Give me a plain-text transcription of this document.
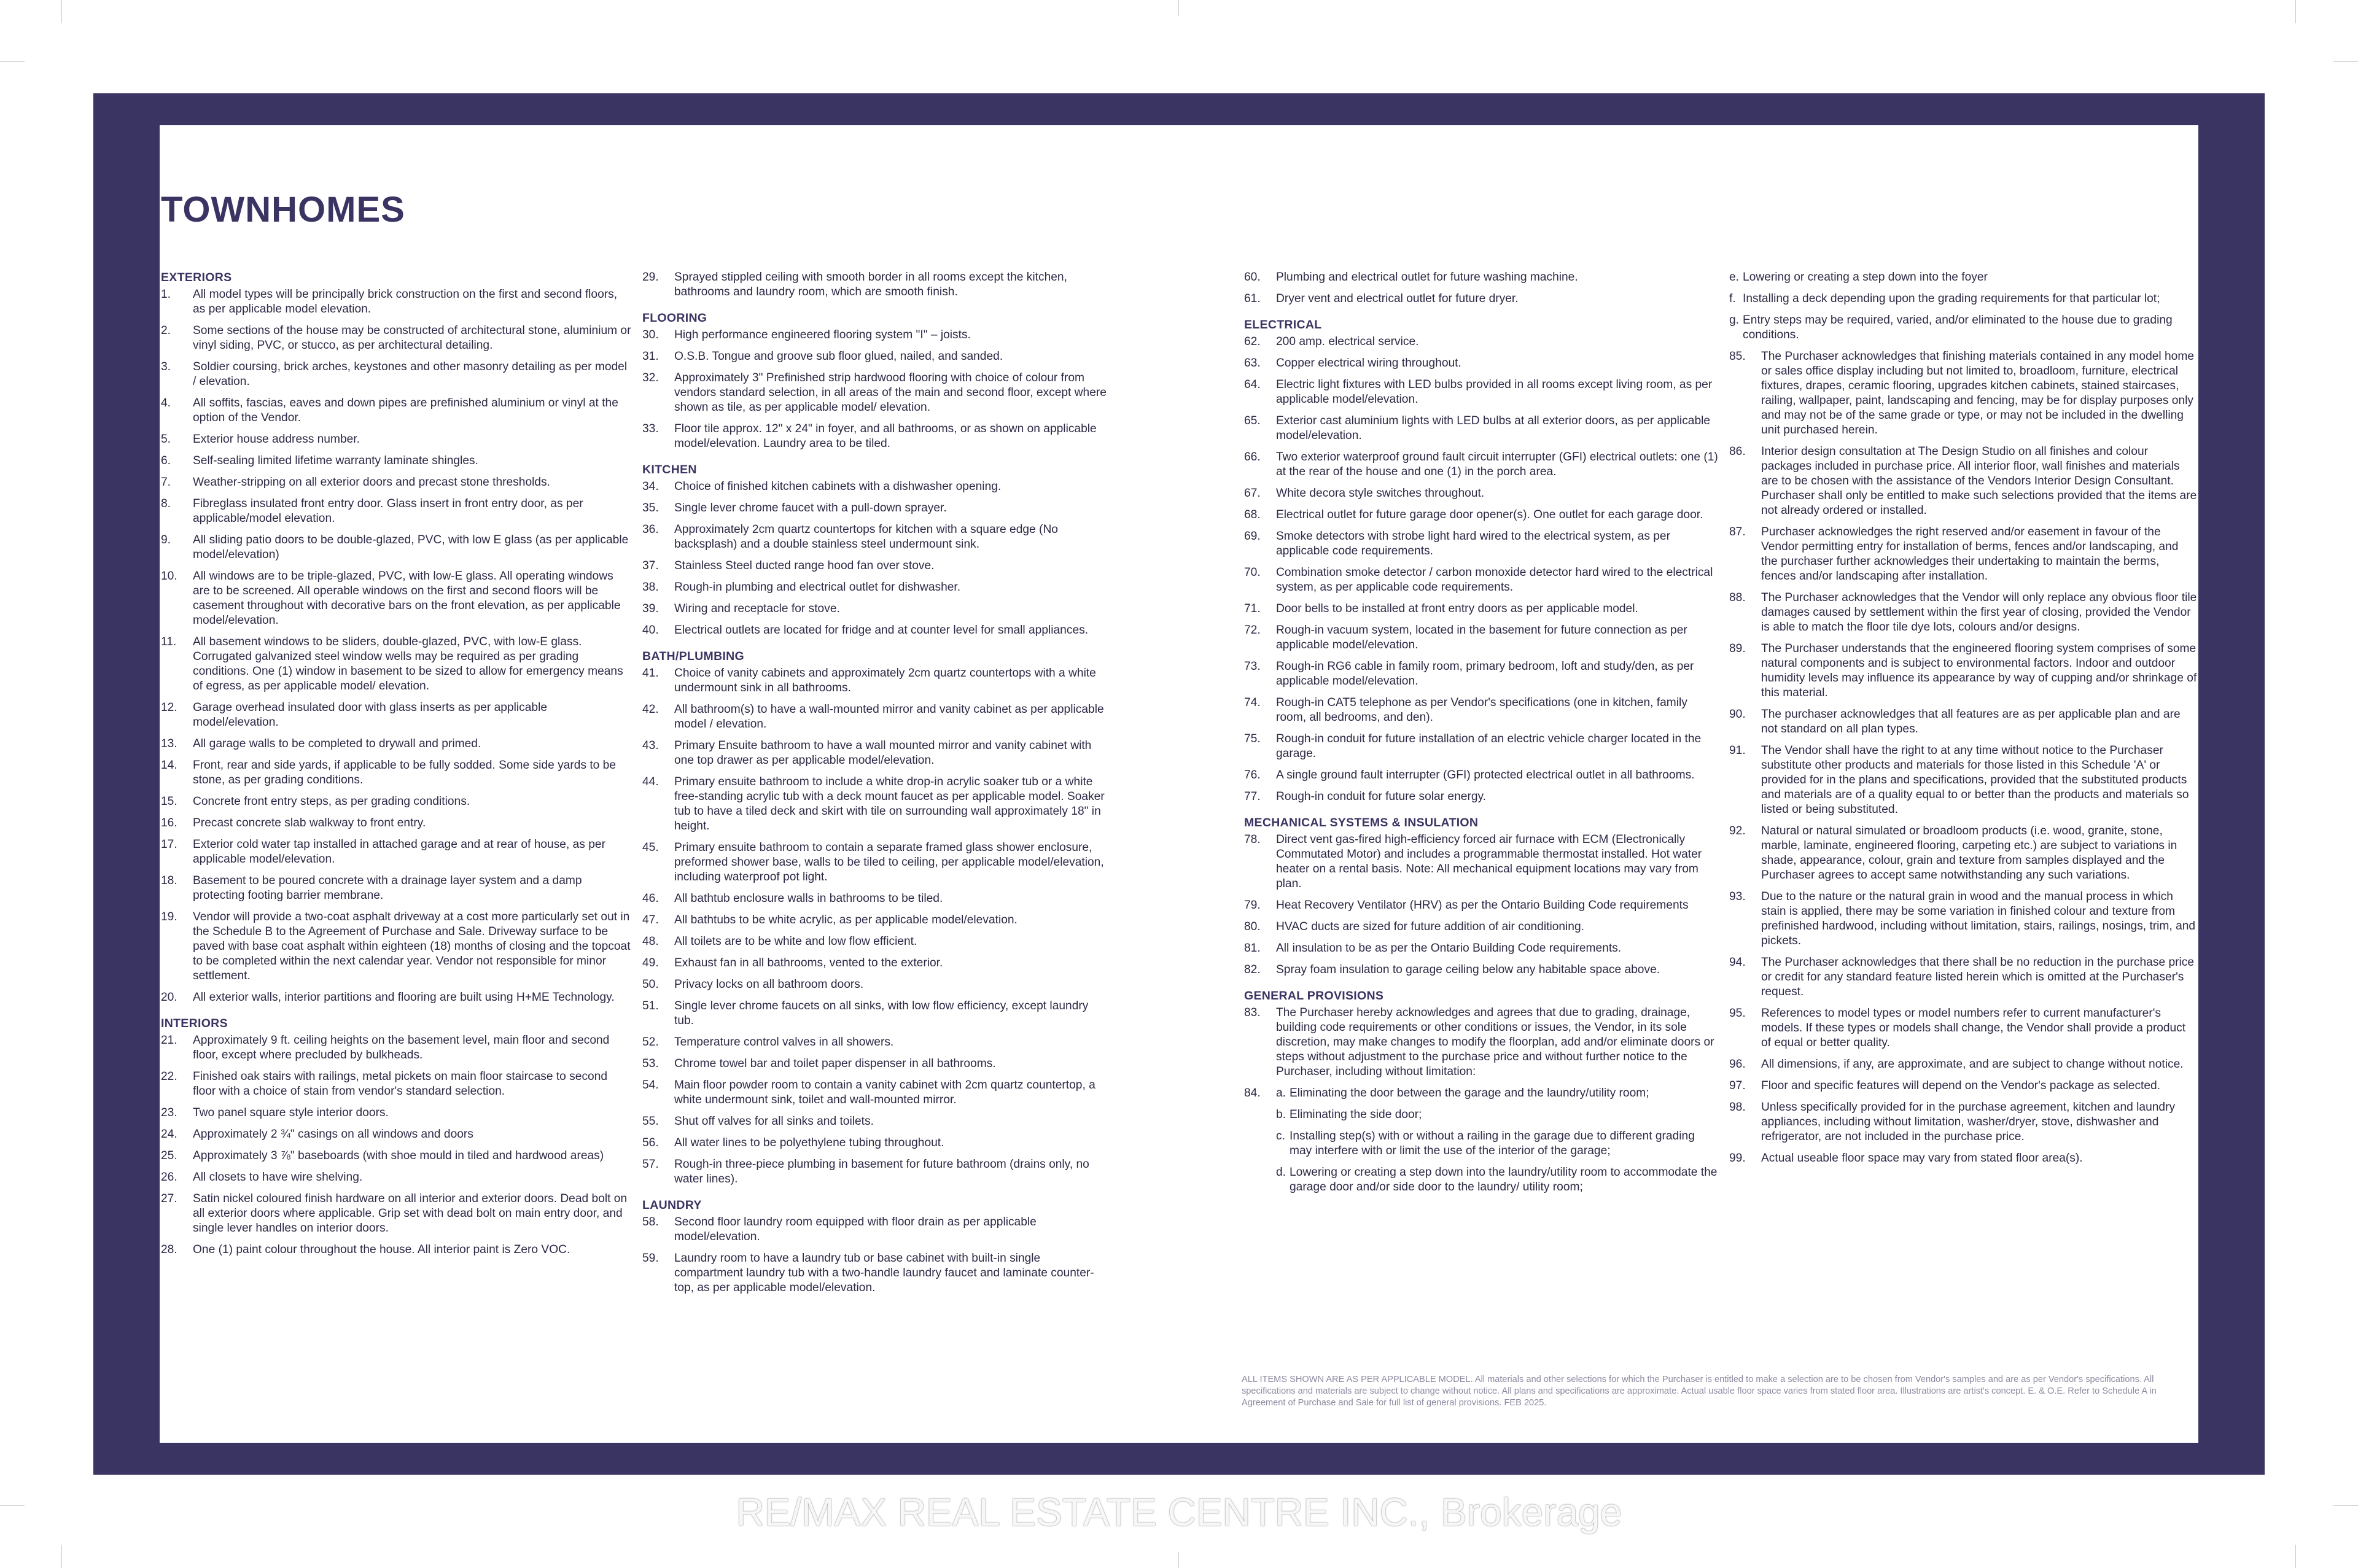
TOWNHOMES
EXTERIORS
1.	All model types will be principally brick construction on the first and second floors, as per applicable model elevation.
2.	Some sections of the house may be constructed of architectural stone, aluminium or vinyl siding, PVC, or stucco, as per architectural detailing.
3.	Soldier coursing, brick arches, keystones and other masonry detailing as per model / elevation.
4.	All soffits, fascias, eaves and down pipes are prefinished aluminium or vinyl at the option of the Vendor.
5.	Exterior house address number.
6.	Self-sealing limited lifetime warranty laminate shingles.
7.	Weather-stripping on all exterior doors and precast stone thresholds.
8.	Fibreglass insulated front entry door. Glass insert in front entry door, as per applicable/model elevation.
9.	All sliding patio doors to be double-glazed, PVC, with low E glass (as per applicable model/elevation)
10.	All windows are to be triple-glazed, PVC, with low-E glass. All operating windows are to be screened. All operable windows on the first and second floors will be casement throughout with decorative bars on the front elevation, as per applicable model/elevation.
11.	All basement windows to be sliders, double-glazed, PVC, with low-E glass. Corrugated galvanized steel window wells may be required as per grading conditions. One (1) window in basement to be sized to allow for emergency means of egress, as per applicable model/ elevation.
12.	Garage overhead insulated door with glass inserts as per applicable model/elevation.
13.	All garage walls to be completed to drywall and primed.
14.	Front, rear and side yards, if applicable to be fully sodded. Some side yards to be stone, as per grading conditions.
15.	Concrete front entry steps, as per grading conditions.
16.	Precast concrete slab walkway to front entry.
17.	Exterior cold water tap installed in attached garage and at rear of house, as per applicable model/elevation.
18.	Basement to be poured concrete with a drainage layer system and a damp protecting footing barrier membrane.
19.	Vendor will provide a two-coat asphalt driveway at a cost more particularly set out in the Schedule B to the Agreement of Purchase and Sale. Driveway surface to be paved with base coat asphalt within eighteen (18) months of closing and the topcoat to be completed within the next calendar year. Vendor not responsible for minor settlement.
20.	All exterior walls, interior partitions and flooring are built using H+ME Technology.
INTERIORS
21.	Approximately 9 ft. ceiling heights on the basement level, main floor and second floor, except where precluded by bulkheads.
22.	Finished oak stairs with railings, metal pickets on main floor staircase to second floor with a choice of stain from vendor's standard selection.
23.	Two panel square style interior doors.
24.	Approximately 2 ¾" casings on all windows and doors
25.	Approximately 3 ⅞" baseboards (with shoe mould in tiled and hardwood areas)
26.	All closets to have wire shelving.
27.	Satin nickel coloured finish hardware on all interior and exterior doors. Dead bolt on all exterior doors where applicable. Grip set with dead bolt on main entry door, and single lever handles on interior doors.
28.	One (1) paint colour throughout the house. All interior paint is Zero VOC.
29.	Sprayed stippled ceiling with smooth border in all rooms except the kitchen, bathrooms and laundry room, which are smooth finish.
FLOORING
30.	High performance engineered flooring system "I" – joists.
31.	O.S.B. Tongue and groove sub floor glued, nailed, and sanded.
32.	Approximately 3" Prefinished strip hardwood flooring with choice of colour from vendors standard selection, in all areas of the main and second floor, except where shown as tile, as per applicable model/ elevation.
33.	Floor tile approx. 12" x 24" in foyer, and all bathrooms, or as shown on applicable model/elevation. Laundry area to be tiled.
KITCHEN
34.	Choice of finished kitchen cabinets with a dishwasher opening.
35.	Single lever chrome faucet with a pull-down sprayer.
36.	Approximately 2cm quartz countertops for kitchen with a square edge (No backsplash) and a double stainless steel undermount sink.
37.	Stainless Steel ducted range hood fan over stove.
38.	Rough-in plumbing and electrical outlet for dishwasher.
39.	Wiring and receptacle for stove.
40.	Electrical outlets are located for fridge and at counter level for small appliances.
BATH/PLUMBING
41.	Choice of vanity cabinets and approximately 2cm quartz countertops with a white undermount sink in all bathrooms.
42.	All bathroom(s) to have a wall-mounted mirror and vanity cabinet as per applicable model / elevation.
43.	Primary Ensuite bathroom to have a wall mounted mirror and vanity cabinet with one top drawer as per applicable model/elevation.
44.	Primary ensuite bathroom to include a white drop-in acrylic soaker tub or a white free-standing acrylic tub with a deck mount faucet as per applicable model. Soaker tub to have a tiled deck and skirt with tile on surrounding wall approximately 18" in height.
45.	Primary ensuite bathroom to contain a separate framed glass shower enclosure, preformed shower base, walls to be tiled to ceiling, per applicable model/elevation, including waterproof pot light.
46.	All bathtub enclosure walls in bathrooms to be tiled.
47.	All bathtubs to be white acrylic, as per applicable model/elevation.
48.	All toilets are to be white and low flow efficient.
49.	Exhaust fan in all bathrooms, vented to the exterior.
50.	Privacy locks on all bathroom doors.
51.	Single lever chrome faucets on all sinks, with low flow efficiency, except laundry tub.
52.	Temperature control valves in all showers.
53.	Chrome towel bar and toilet paper dispenser in all bathrooms.
54.	Main floor powder room to contain a vanity cabinet with 2cm quartz countertop, a white undermount sink, toilet and wall-mounted mirror.
55.	Shut off valves for all sinks and toilets.
56.	All water lines to be polyethylene tubing throughout.
57.	Rough-in three-piece plumbing in basement for future bathroom (drains only, no water lines).
LAUNDRY
58.	Second floor laundry room equipped with floor drain as per applicable model/elevation.
59.	Laundry room to have a laundry tub or base cabinet with built-in single compartment laundry tub with a two-handle laundry faucet and laminate counter-top, as per applicable model/elevation.
60.	Plumbing and electrical outlet for future washing machine.
61.	Dryer vent and electrical outlet for future dryer.
ELECTRICAL
62.	200 amp. electrical service.
63.	Copper electrical wiring throughout.
64.	Electric light fixtures with LED bulbs provided in all rooms except living room, as per applicable model/elevation.
65.	Exterior cast aluminium lights with LED bulbs at all exterior doors, as per applicable model/elevation.
66.	Two exterior waterproof ground fault circuit interrupter (GFI) electrical outlets: one (1) at the rear of the house and one (1) in the porch area.
67.	White decora style switches throughout.
68.	Electrical outlet for future garage door opener(s). One outlet for each garage door.
69.	Smoke detectors with strobe light hard wired to the electrical system, as per applicable code requirements.
70.	Combination smoke detector / carbon monoxide detector hard wired to the electrical system, as per applicable code requirements.
71.	Door bells to be installed at front entry doors as per applicable model.
72.	Rough-in vacuum system, located in the basement for future connection as per applicable model/elevation.
73.	Rough-in RG6 cable in family room, primary bedroom, loft and study/den, as per applicable model/elevation.
74.	Rough-in CAT5 telephone as per Vendor's specifications (one in kitchen, family room, all bedrooms, and den).
75.	Rough-in conduit for future installation of an electric vehicle charger located in the garage.
76.	A single ground fault interrupter (GFI) protected electrical outlet in all bathrooms.
77.	Rough-in conduit for future solar energy.
MECHANICAL SYSTEMS & INSULATION
78.	Direct vent gas-fired high-efficiency forced air furnace with ECM (Electronically Commutated Motor) and includes a programmable thermostat installed. Hot water heater on a rental basis. Note: All mechanical equipment locations may vary from plan.
79.	Heat Recovery Ventilator (HRV) as per the Ontario Building Code requirements
80.	HVAC ducts are sized for future addition of air conditioning.
81.	All insulation to be as per the Ontario Building Code requirements.
82.	Spray foam insulation to garage ceiling below any habitable space above.
GENERAL PROVISIONS
83.	The Purchaser hereby acknowledges and agrees that due to grading, drainage, building code requirements or other conditions or issues, the Vendor, in its sole discretion, may make changes to modify the floorplan, add and/or eliminate doors or steps without adjustment to the purchase price and without further notice to the Purchaser, including without limitation:
84.	a. Eliminating the door between the garage and the laundry/utility room;
b. Eliminating the side door;
c. Installing step(s) with or without a railing in the garage due to different grading may interfere with or limit the use of the interior of the garage;
d. Lowering or creating a step down into the laundry/utility room to accommodate the garage door and/or side door to the laundry/ utility room;
e. Lowering or creating a step down into the foyer
f. Installing a deck depending upon the grading requirements for that particular lot;
g. Entry steps may be required, varied, and/or eliminated to the house due to grading conditions.
85.	The Purchaser acknowledges that finishing materials contained in any model home or sales office display including but not limited to, broadloom, furniture, electrical fixtures, drapes, ceramic flooring, upgrades kitchen cabinets, stained staircases, railing, wallpaper, paint, landscaping and fencing, may be for display purposes only and may not be of the same grade or type, or may not be included in the dwelling unit purchased herein.
86.	Interior design consultation at The Design Studio on all finishes and colour packages included in purchase price. All interior floor, wall finishes and materials are to be chosen with the assistance of the Vendors Interior Design Consultant. Purchaser shall only be entitled to make such selections provided that the items are not already ordered or installed.
87.	Purchaser acknowledges the right reserved and/or easement in favour of the Vendor permitting entry for installation of berms, fences and/or landscaping, and the purchaser further acknowledges their undertaking to maintain the berms, fences and/or landscaping after installation.
88.	The Purchaser acknowledges that the Vendor will only replace any obvious floor tile damages caused by settlement within the first year of closing, provided the Vendor is able to match the floor tile dye lots, colours and/or designs.
89.	The Purchaser understands that the engineered flooring system comprises of some natural components and is subject to environmental factors. Indoor and outdoor humidity levels may influence its appearance by way of cupping and/or shrinkage of this material.
90.	The purchaser acknowledges that all features are as per applicable plan and are not standard on all plan types.
91.	The Vendor shall have the right to at any time without notice to the Purchaser substitute other products and materials for those listed in this Schedule 'A' or provided for in the plans and specifications, provided that the substituted products and materials are of a quality equal to or better than the products and materials so listed or being substituted.
92.	Natural or natural simulated or broadloom products (i.e. wood, granite, stone, marble, laminate, engineered flooring, carpeting etc.) are subject to variations in shade, appearance, colour, grain and texture from samples displayed and the Purchaser agrees to accept same notwithstanding any such variations.
93.	Due to the nature or the natural grain in wood and the manual process in which stain is applied, there may be some variation in finished colour and texture from prefinished hardwood, including without limitation, stairs, railings, nosings, trim, and pickets.
94.	The Purchaser acknowledges that there shall be no reduction in the purchase price or credit for any standard feature listed herein which is omitted at the Purchaser's request.
95.	References to model types or model numbers refer to current manufacturer's models. If these types or models shall change, the Vendor shall provide a product of equal or better quality.
96.	All dimensions, if any, are approximate, and are subject to change without notice.
97.	Floor and specific features will depend on the Vendor's package as selected.
98.	Unless specifically provided for in the purchase agreement, kitchen and laundry appliances, including without limitation, washer/dryer, stove, dishwasher and refrigerator, are not included in the purchase price.
99.	Actual useable floor space may vary from stated floor area(s).
ALL ITEMS SHOWN ARE AS PER APPLICABLE MODEL. All materials and other selections for which the Purchaser is entitled to make a selection are to be chosen from Vendor's samples and are as per Vendor's specifications. All specifications and materials are subject to change without notice. All plans and specifications are approximate. Actual usable floor space varies from stated floor area. Illustrations are artist's concept. E. & O.E. Refer to Schedule A in Agreement of Purchase and Sale for full list of general provisions. FEB 2025.
RE/MAX REAL ESTATE CENTRE INC., Brokerage
